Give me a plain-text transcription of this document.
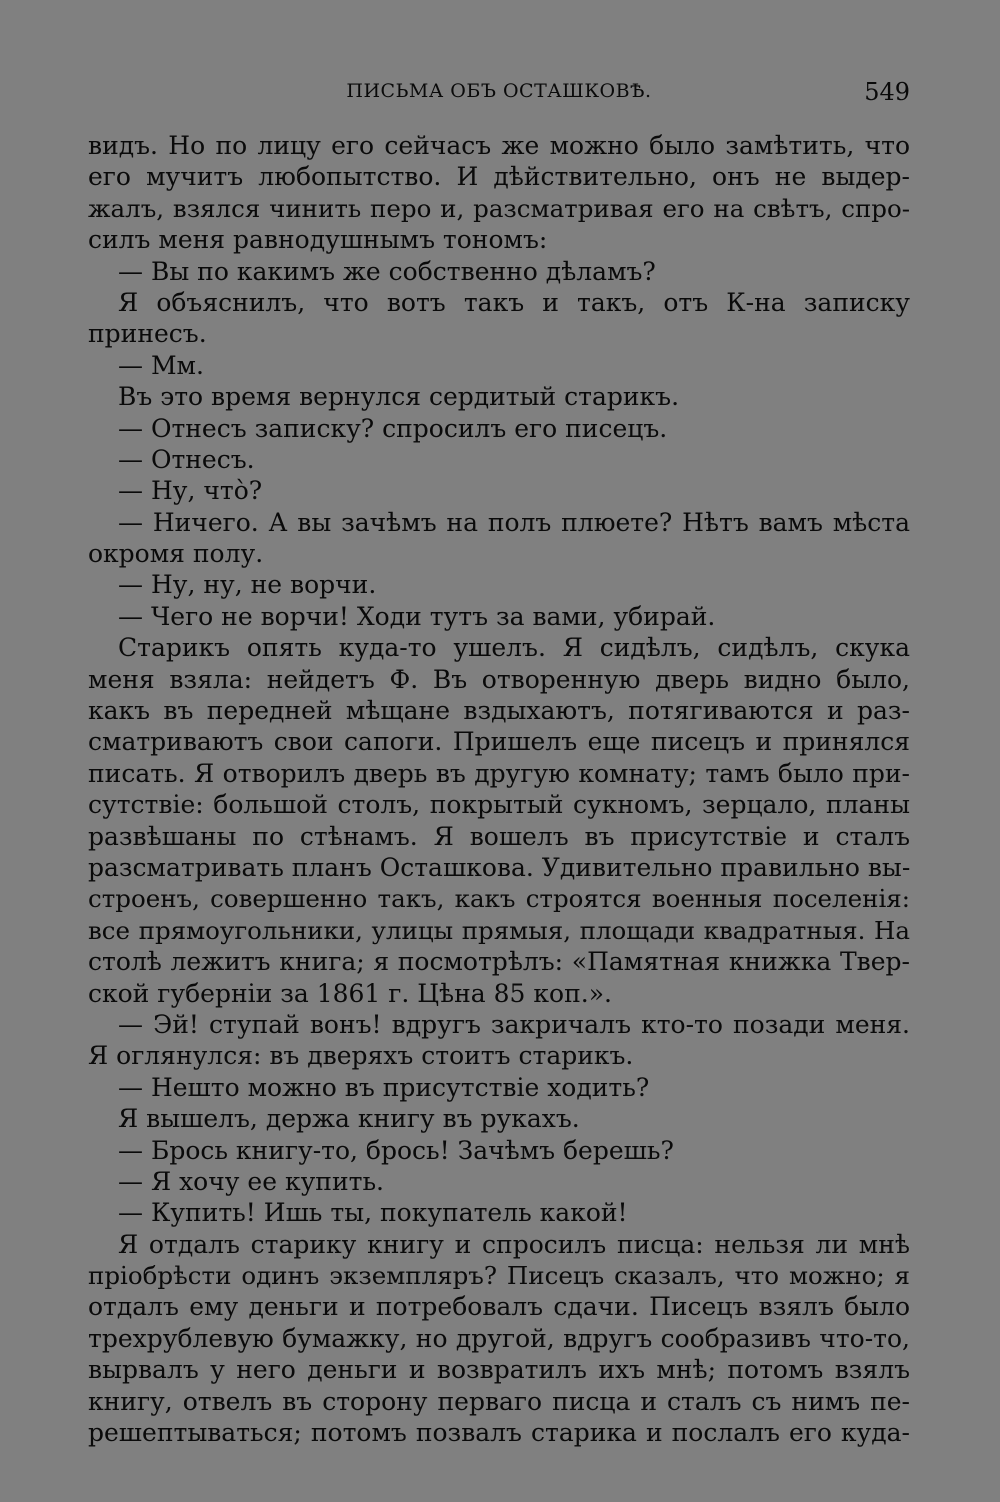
ПИСЬМА ОБЪ ОСТАШКОВѢ.	549
видъ. Но по лицу его сейчасъ же можно было замѣтить, что
его мучитъ любопытство. И дѣйствительно, онъ не выдер-
жалъ, взялся чинить перо и, разсматривая его на свѣтъ, спро-
силъ меня равнодушнымъ тономъ:
— Вы по какимъ же собственно дѣламъ?
Я объяснилъ, что вотъ такъ и такъ, отъ К-на записку
принесъ.
— Мм.
Въ это время вернулся сердитый старикъ.
— Отнесъ записку? спросилъ его писецъ.
— Отнесъ.
— Ну, что̀?
— Ничего. А вы зачѣмъ на полъ плюете? Нѣтъ вамъ мѣста
окромя полу.
— Ну, ну, не ворчи.
— Чего не ворчи! Ходи тутъ за вами, убирай.
Старикъ опять куда-то ушелъ. Я сидѣлъ, сидѣлъ, скука
меня взяла: нейдетъ Ф. Въ отворенную дверь видно было,
какъ въ передней мѣщане вздыхаютъ, потягиваются и раз-
сматриваютъ свои сапоги. Пришелъ еще писецъ и принялся
писать. Я отворилъ дверь въ другую комнату; тамъ было при-
сутствіе: большой столъ, покрытый сукномъ, зерцало, планы
развѣшаны по стѣнамъ. Я вошелъ въ присутствіе и сталъ
разсматривать планъ Осташкова. Удивительно правильно вы-
строенъ, совершенно такъ, какъ строятся военныя поселенія:
все прямоугольники, улицы прямыя, площади квадратныя. На
столѣ лежитъ книга; я посмотрѣлъ: «Памятная книжка Твер-
ской губерніи за 1861 г. Цѣна 85 коп.».
— Эй! ступай вонъ! вдругъ закричалъ кто-то позади меня.
Я оглянулся: въ дверяхъ стоитъ старикъ.
— Нешто можно въ присутствіе ходить?
Я вышелъ, держа книгу въ рукахъ.
— Брось книгу-то, брось! Зачѣмъ берешь?
— Я хочу ее купить.
— Купить! Ишь ты, покупатель какой!
Я отдалъ старику книгу и спросилъ писца: нельзя ли мнѣ
пріобрѣсти одинъ экземпляръ? Писецъ сказалъ, что можно; я
отдалъ ему деньги и потребовалъ сдачи. Писецъ взялъ было
трехрублевую бумажку, но другой, вдругъ сообразивъ что-то,
вырвалъ у него деньги и возвратилъ ихъ мнѣ; потомъ взялъ
книгу, отвелъ въ сторону перваго писца и сталъ съ нимъ пе-
решептываться; потомъ позвалъ старика и послалъ его куда-
